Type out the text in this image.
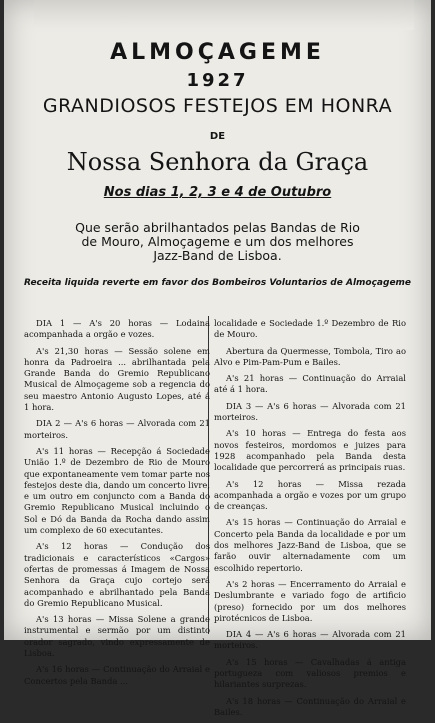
ALMOÇAGEME
1927
GRANDIOSOS FESTEJOS EM HONRA
DE
Nossa Senhora da Graça
Nos dias 1, 2, 3 e 4 de Outubro
Que serão abrilhantados pelas Bandas de Rio de Mouro, Almoçageme e um dos melhores Jazz-Band de Lisboa.
Receita liquida reverte em favor dos Bombeiros Voluntarios de Almoçageme

DIA 1 — A's 20 horas — Lodaina acompanhada a orgão e vozes.

A's 21,30 horas — Sessão solene em honra da Padroeira ... abrilhantada pela Grande Banda do Gremio Republicano Musical de Almoçageme sob a regencia do seu maestro Antonio Augusto Lopes, até á 1 hora.

DIA 2 — A's 6 horas — Alvorada com 21 morteiros.

A's 11 horas — Recepção á Sociedade União 1.º de Dezembro de Rio de Mouro que expontaneamente vem tomar parte nos festejos deste dia, dando um concerto livre, e um outro em conjuncto com a Banda do Gremio Republicano Musical incluindo o Sol e Dó da Banda da Rocha dando assim um complexo de 60 executantes.

A's 12 horas — Condução dos tradicionais e característicos «Cargos» ofertas de promessas á Imagem de Nossa Senhora da Graça cujo cortejo será acompanhado e abrilhantado pela Banda do Gremio Republicano Musical.

A's 13 horas — Missa Solene a grande instrumental e sermão por um distinto orador sagrado, vindo expressamente de Lisboa.

A's 16 horas — Continuação do Arraial e Concertos pela Banda ...

localidade e Sociedade 1.º Dezembro de Rio de Mouro.

Abertura da Quermesse, Tombola, Tiro ao Alvo e Pim-Pam-Pum e Bailes.

A's 21 horas — Continuação do Arraial até á 1 hora.

DIA 3 — A's 6 horas — Alvorada com 21 morteiros.

A's 10 horas — Entrega do festa aos novos festeiros, mordomos e juizes para 1928 acompanhado pela Banda desta localidade que percorrerá as principais ruas.

A's 12 horas — Missa rezada acompanhada a orgão e vozes por um grupo de creanças.

A's 15 horas — Continuação do Arraial e Concerto pela Banda da localidade e por um dos melhores Jazz-Band de Lisboa, que se farão ouvir alternadamente com um escolhido repertorio.

A's 2 horas — Encerramento do Arraial e Deslumbrante e variado fogo de artificio (preso) fornecido por um dos melhores pirotécnicos de Lisboa.

DIA 4 — A's 6 horas — Alvorada com 21 morteiros.

A's 15 horas — Cavalhadas á antiga portugueza com valiosos premios e hilariantes surprezas.

A's 18 horas — Continuação do Arraial e Bailes.
